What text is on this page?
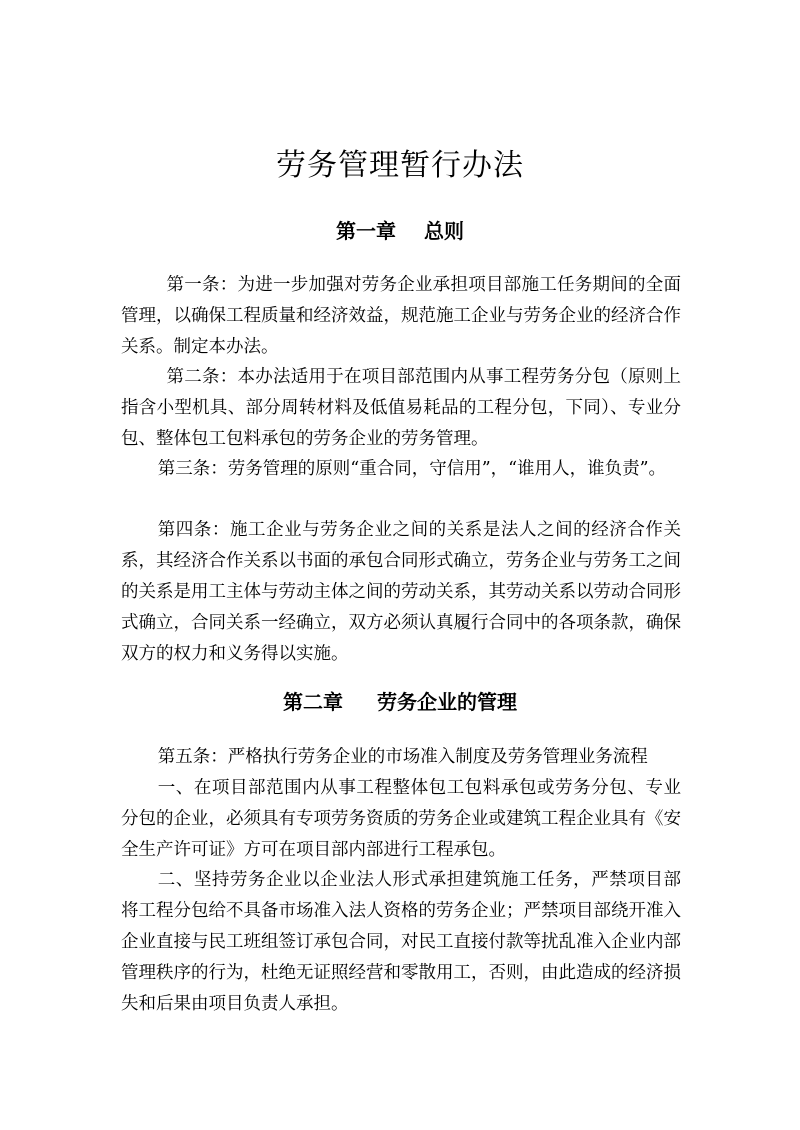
劳务管理暂行办法
第一章 总则
第一条：为进一步加强对劳务企业承担项目部施工任务期间的全面管理，以确保工程质量和经济效益，规范施工企业与劳务企业的经济合作关系。制定本办法。
第二条：本办法适用于在项目部范围内从事工程劳务分包（原则上指含小型机具、部分周转材料及低值易耗品的工程分包，下同）、专业分包、整体包工包料承包的劳务企业的劳务管理。
第三条：劳务管理的原则“重合同，守信用”，“谁用人，谁负责”。
第四条：施工企业与劳务企业之间的关系是法人之间的经济合作关系，其经济合作关系以书面的承包合同形式确立，劳务企业与劳务工之间的关系是用工主体与劳动主体之间的劳动关系，其劳动关系以劳动合同形式确立，合同关系一经确立，双方必须认真履行合同中的各项条款，确保双方的权力和义务得以实施。
第二章 劳务企业的管理
第五条：严格执行劳务企业的市场准入制度及劳务管理业务流程
一、在项目部范围内从事工程整体包工包料承包或劳务分包、专业分包的企业，必须具有专项劳务资质的劳务企业或建筑工程企业具有《安全生产许可证》方可在项目部内部进行工程承包。
二、坚持劳务企业以企业法人形式承担建筑施工任务，严禁项目部将工程分包给不具备市场准入法人资格的劳务企业；严禁项目部绕开准入企业直接与民工班组签订承包合同，对民工直接付款等扰乱准入企业内部管理秩序的行为，杜绝无证照经营和零散用工，否则，由此造成的经济损失和后果由项目负责人承担。
